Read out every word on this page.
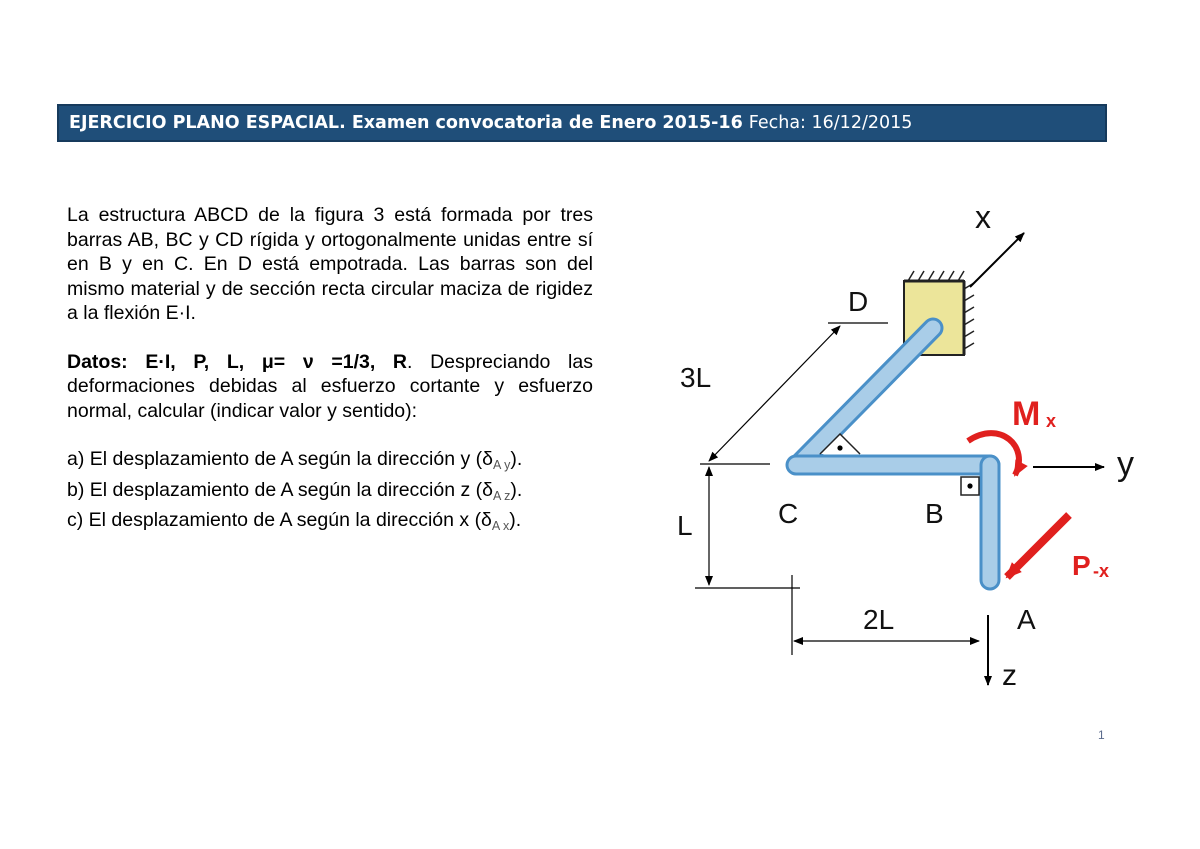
EJERCICIO PLANO ESPACIAL. Examen convocatoria de Enero 2015-16 Fecha: 16/12/2015

La estructura ABCD de la figura 3 está formada por tres barras AB, BC y CD rígida y ortogonalmente unidas entre sí en B y en C. En D está empotrada. Las barras son del mismo material y de sección recta circular maciza de rigidez a la flexión E·I.

Datos: E·I, P, L, μ= ν =1/3, R. Despreciando las deformaciones debidas al esfuerzo cortante y esfuerzo normal, calcular (indicar valor y sentido):

a) El desplazamiento de A según la dirección y $(\delta_{A y})$.

b) El desplazamiento de A según la dirección z $(\delta_{A z})$.

c) El desplazamiento de A según la dirección x $(\delta_{A x})$.

x
D
3L
C	B
L
2L	A
y
z
M x
P -x
1
